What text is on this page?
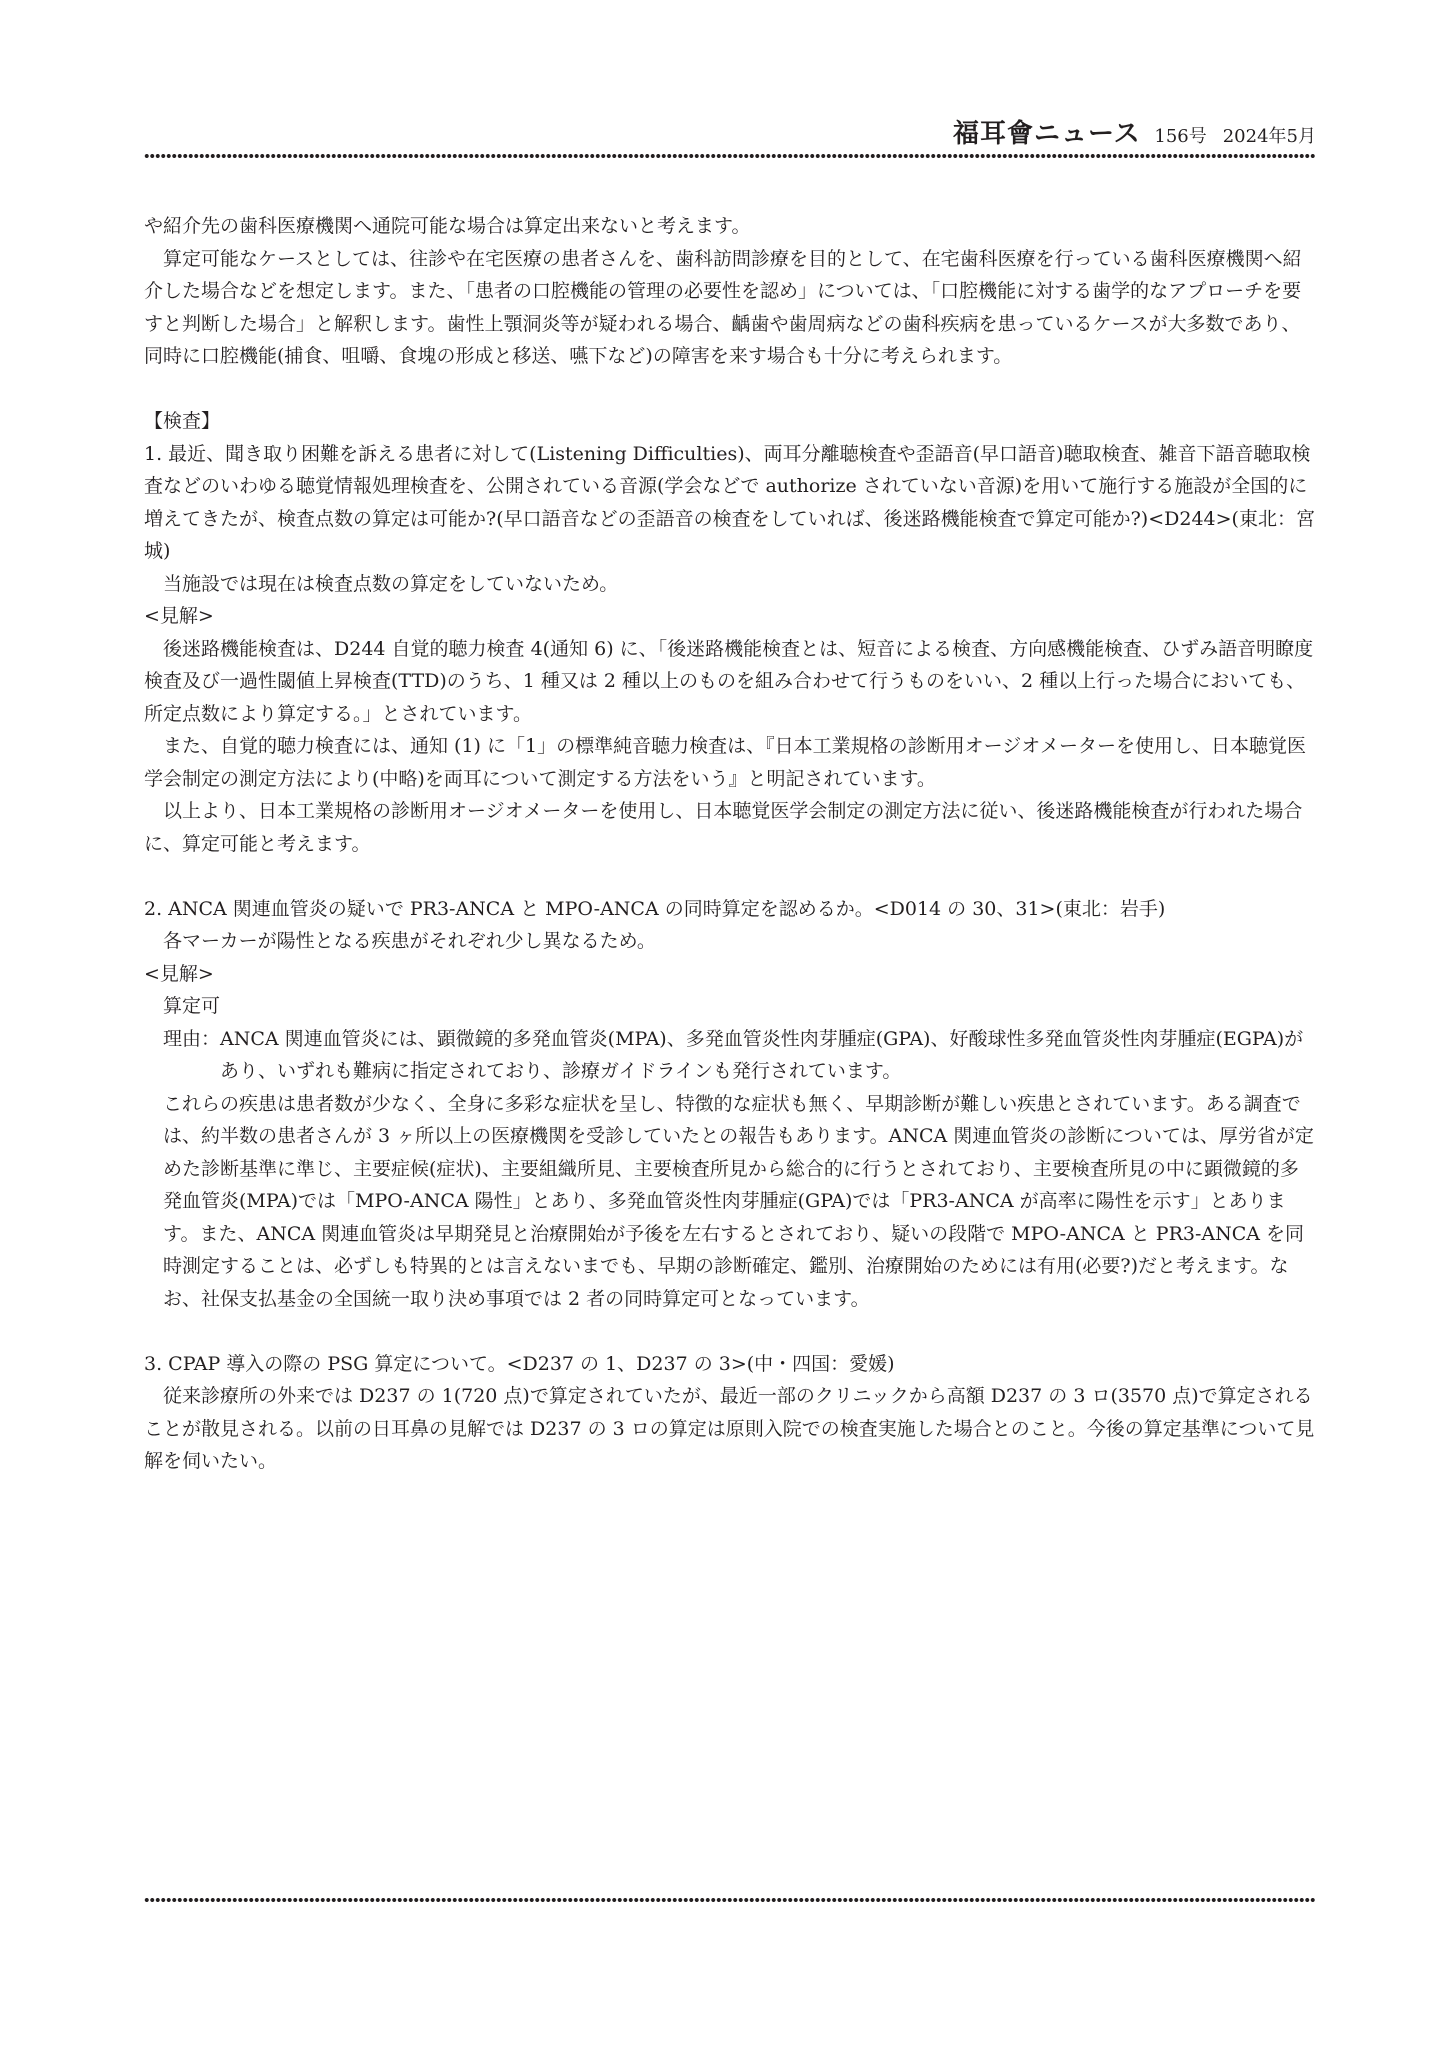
福耳會ニュース 156号 2024年5月

や紹介先の歯科医療機関へ通院可能な場合は算定出来ないと考えます。

算定可能なケースとしては、往診や在宅医療の患者さんを、歯科訪問診療を目的として、在宅歯科医療を行っている歯科医療機関へ紹介した場合などを想定します。また、「患者の口腔機能の管理の必要性を認め」については、「口腔機能に対する歯学的なアプローチを要すと判断した場合」と解釈します。歯性上顎洞炎等が疑われる場合、齲歯や歯周病などの歯科疾病を患っているケースが大多数であり、同時に口腔機能(捕食、咀嚼、食塊の形成と移送、嚥下など)の障害を来す場合も十分に考えられます。

【検査】

1. 最近、聞き取り困難を訴える患者に対して(Listening Difficulties)、両耳分離聴検査や歪語音(早口語音)聴取検査、雑音下語音聴取検査などのいわゆる聴覚情報処理検査を、公開されている音源(学会などで authorize されていない音源)を用いて施行する施設が全国的に増えてきたが、検査点数の算定は可能か?(早口語音などの歪語音の検査をしていれば、後迷路機能検査で算定可能か?)<D244>(東北：宮城)

当施設では現在は検査点数の算定をしていないため。

<見解>

後迷路機能検査は、D244 自覚的聴力検査 4(通知 6) に、「後迷路機能検査とは、短音による検査、方向感機能検査、ひずみ語音明瞭度検査及び一過性閾値上昇検査(TTD)のうち、1 種又は 2 種以上のものを組み合わせて行うものをいい、2 種以上行った場合においても、所定点数により算定する。」とされています。

また、自覚的聴力検査には、通知 (1) に「1」の標準純音聴力検査は、『日本工業規格の診断用オージオメーターを使用し、日本聴覚医学会制定の測定方法により(中略)を両耳について測定する方法をいう』と明記されています。

以上より、日本工業規格の診断用オージオメーターを使用し、日本聴覚医学会制定の測定方法に従い、後迷路機能検査が行われた場合に、算定可能と考えます。

2. ANCA 関連血管炎の疑いで PR3-ANCA と MPO-ANCA の同時算定を認めるか。<D014 の 30、31>(東北：岩手)

各マーカーが陽性となる疾患がそれぞれ少し異なるため。

<見解>

算定可

理由： ANCA 関連血管炎には、顕微鏡的多発血管炎(MPA)、多発血管炎性肉芽腫症(GPA)、好酸球性多発血管炎性肉芽腫症(EGPA)があり、いずれも難病に指定されており、診療ガイドラインも発行されています。

これらの疾患は患者数が少なく、全身に多彩な症状を呈し、特徴的な症状も無く、早期診断が難しい疾患とされています。ある調査では、約半数の患者さんが 3 ヶ所以上の医療機関を受診していたとの報告もあります。ANCA 関連血管炎の診断については、厚労省が定めた診断基準に準じ、主要症候(症状)、主要組織所見、主要検査所見から総合的に行うとされており、主要検査所見の中に顕微鏡的多発血管炎(MPA)では「MPO-ANCA 陽性」とあり、多発血管炎性肉芽腫症(GPA)では「PR3-ANCA が高率に陽性を示す」とあります。また、ANCA 関連血管炎は早期発見と治療開始が予後を左右するとされており、疑いの段階で MPO-ANCA と PR3-ANCA を同時測定することは、必ずしも特異的とは言えないまでも、早期の診断確定、鑑別、治療開始のためには有用(必要?)だと考えます。なお、社保支払基金の全国統一取り決め事項では 2 者の同時算定可となっています。

3. CPAP 導入の際の PSG 算定について。<D237 の 1、D237 の 3>(中・四国：愛媛)

従来診療所の外来では D237 の 1(720 点)で算定されていたが、最近一部のクリニックから高額 D237 の 3 ロ(3570 点)で算定されることが散見される。以前の日耳鼻の見解では D237 の 3 ロの算定は原則入院での検査実施した場合とのこと。今後の算定基準について見解を伺いたい。
